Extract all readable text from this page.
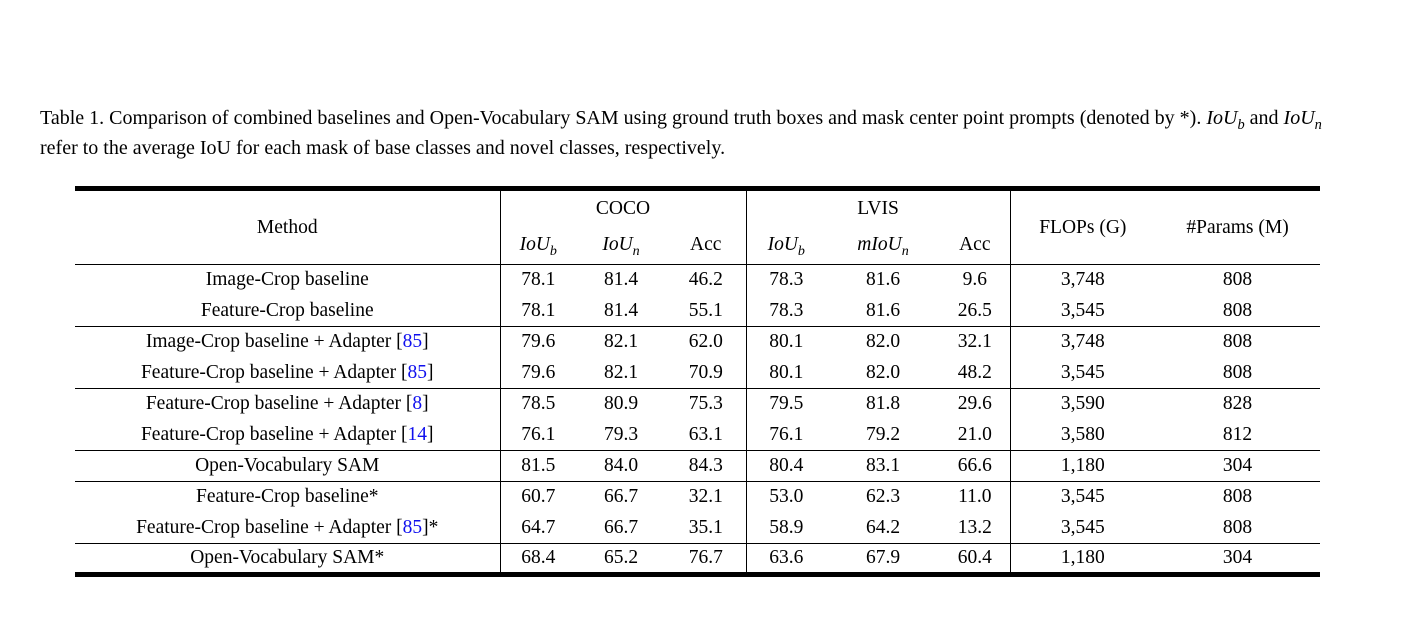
Table 1. Comparison of combined baselines and Open-Vocabulary SAM using ground truth boxes and mask center point prompts (denoted by *). IoU$_b$ and IoU$_n$ refer to the average IoU for each mask of base classes and novel classes, respectively.

Method	COCO			LVIS			FLOPs (G)	#Params (M)
	IoU$_b$	IoU$_n$	Acc	IoU$_b$	mIoU$_n$	Acc		
Image-Crop baseline	78.1	81.4	46.2	78.3	81.6	9.6	3,748	808
Feature-Crop baseline	78.1	81.4	55.1	78.3	81.6	26.5	3,545	808
Image-Crop baseline + Adapter [85]	79.6	82.1	62.0	80.1	82.0	32.1	3,748	808
Feature-Crop baseline + Adapter [85]	79.6	82.1	70.9	80.1	82.0	48.2	3,545	808
Feature-Crop baseline + Adapter [8]	78.5	80.9	75.3	79.5	81.8	29.6	3,590	828
Feature-Crop baseline + Adapter [14]	76.1	79.3	63.1	76.1	79.2	21.0	3,580	812
Open-Vocabulary SAM	81.5	84.0	84.3	80.4	83.1	66.6	1,180	304
Feature-Crop baseline*	60.7	66.7	32.1	53.0	62.3	11.0	3,545	808
Feature-Crop baseline + Adapter [85]*	64.7	66.7	35.1	58.9	64.2	13.2	3,545	808
Open-Vocabulary SAM*	68.4	65.2	76.7	63.6	67.9	60.4	1,180	304
